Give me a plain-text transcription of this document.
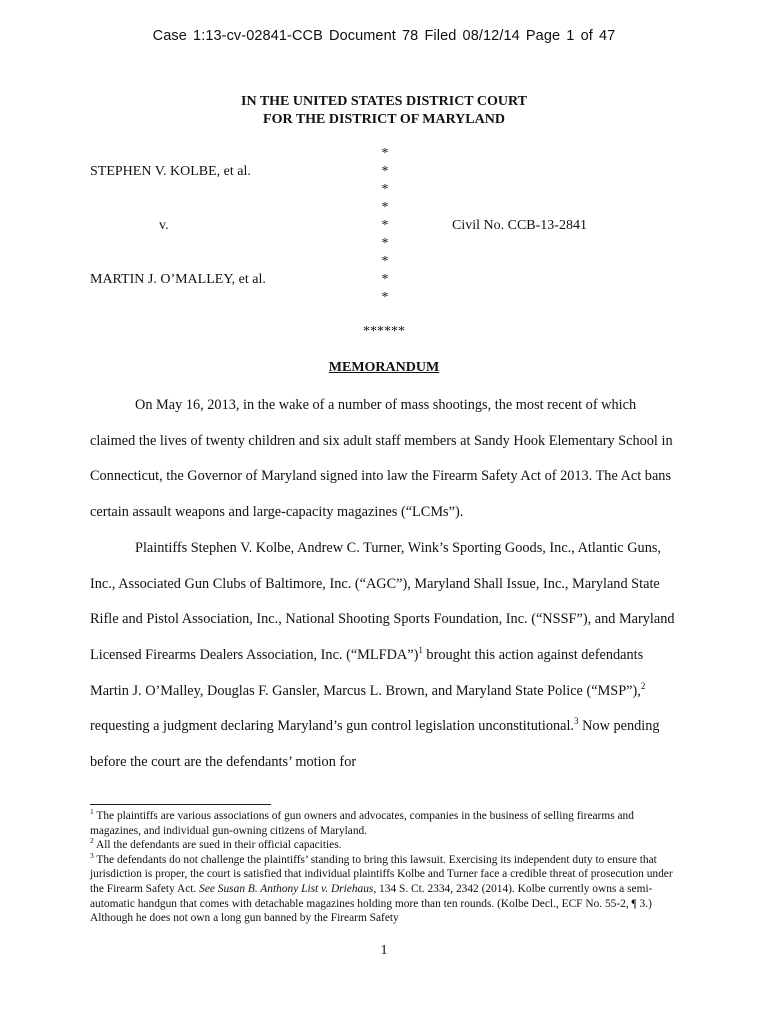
Case 1:13-cv-02841-CCB Document 78 Filed 08/12/14 Page 1 of 47
IN THE UNITED STATES DISTRICT COURT
FOR THE DISTRICT OF MARYLAND
STEPHEN V. KOLBE, et al.
v.	Civil No. CCB-13-2841
MARTIN J. O’MALLEY, et al.
*
*
*
*
*
*
*
*
*
******
MEMORANDUM

On May 16, 2013, in the wake of a number of mass shootings, the most recent of which claimed the lives of twenty children and six adult staff members at Sandy Hook Elementary School in Connecticut, the Governor of Maryland signed into law the Firearm Safety Act of 2013. The Act bans certain assault weapons and large-capacity magazines (“LCMs”).

Plaintiffs Stephen V. Kolbe, Andrew C. Turner, Wink’s Sporting Goods, Inc., Atlantic Guns, Inc., Associated Gun Clubs of Baltimore, Inc. (“AGC”), Maryland Shall Issue, Inc., Maryland State Rifle and Pistol Association, Inc., National Shooting Sports Foundation, Inc. (“NSSF”), and Maryland Licensed Firearms Dealers Association, Inc. (“MLFDA”)$^1$ brought this action against defendants Martin J. O’Malley, Douglas F. Gansler, Marcus L. Brown, and Maryland State Police (“MSP”),$^2$ requesting a judgment declaring Maryland’s gun control legislation unconstitutional.$^3$ Now pending before the court are the defendants’ motion for

$^1$ The plaintiffs are various associations of gun owners and advocates, companies in the business of selling firearms and magazines, and individual gun-owning citizens of Maryland.

$^2$ All the defendants are sued in their official capacities.

$^3$ The defendants do not challenge the plaintiffs’ standing to bring this lawsuit. Exercising its independent duty to ensure that jurisdiction is proper, the court is satisfied that individual plaintiffs Kolbe and Turner face a credible threat of prosecution under the Firearm Safety Act. See Susan B. Anthony List v. Driehaus, 134 S. Ct. 2334, 2342 (2014). Kolbe currently owns a semi-automatic handgun that comes with detachable magazines holding more than ten rounds. (Kolbe Decl., ECF No. 55-2, ¶ 3.) Although he does not own a long gun banned by the Firearm Safety

1
